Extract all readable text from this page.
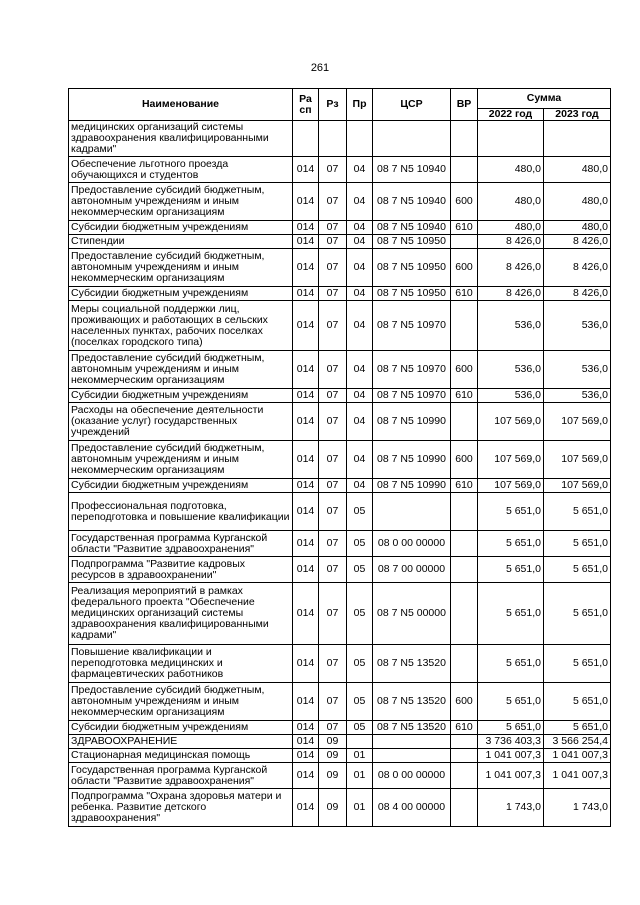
261
Наименование	Ра сп	Рз	Пр	ЦСР	ВР	Сумма	
						2022 год	2023 год
медицинских организаций системы здравоохранения квалифицированными кадрами"							
Обеспечение льготного проезда обучающихся и студентов	014	07	04	08 7 N5 10940		480,0	480,0
Предоставление субсидий бюджетным, автономным учреждениям и иным некоммерческим организациям	014	07	04	08 7 N5 10940	600	480,0	480,0
Субсидии бюджетным учреждениям	014	07	04	08 7 N5 10940	610	480,0	480,0
Стипендии	014	07	04	08 7 N5 10950		8 426,0	8 426,0
Предоставление субсидий бюджетным, автономным учреждениям и иным некоммерческим организациям	014	07	04	08 7 N5 10950	600	8 426,0	8 426,0
Субсидии бюджетным учреждениям	014	07	04	08 7 N5 10950	610	8 426,0	8 426,0
Меры социальной поддержки лиц, проживающих и работающих в сельских населенных пунктах, рабочих поселках (поселках городского типа)	014	07	04	08 7 N5 10970		536,0	536,0
Предоставление субсидий бюджетным, автономным учреждениям и иным некоммерческим организациям	014	07	04	08 7 N5 10970	600	536,0	536,0
Субсидии бюджетным учреждениям	014	07	04	08 7 N5 10970	610	536,0	536,0
Расходы на обеспечение деятельности (оказание услуг) государственных учреждений	014	07	04	08 7 N5 10990		107 569,0	107 569,0
Предоставление субсидий бюджетным, автономным учреждениям и иным некоммерческим организациям	014	07	04	08 7 N5 10990	600	107 569,0	107 569,0
Субсидии бюджетным учреждениям	014	07	04	08 7 N5 10990	610	107 569,0	107 569,0
Профессиональная подготовка, переподготовка и повышение квалификации	014	07	05			5 651,0	5 651,0
Государственная программа Курганской области "Развитие здравоохранения"	014	07	05	08 0 00 00000		5 651,0	5 651,0
Подпрограмма "Развитие кадровых ресурсов в здравоохранении"	014	07	05	08 7 00 00000		5 651,0	5 651,0
Реализация мероприятий в рамках федерального проекта "Обеспечение медицинских организаций системы здравоохранения квалифицированными кадрами"	014	07	05	08 7 N5 00000		5 651,0	5 651,0
Повышение квалификации и переподготовка медицинских и фармацевтических работников	014	07	05	08 7 N5 13520		5 651,0	5 651,0
Предоставление субсидий бюджетным, автономным учреждениям и иным некоммерческим организациям	014	07	05	08 7 N5 13520	600	5 651,0	5 651,0
Субсидии бюджетным учреждениям	014	07	05	08 7 N5 13520	610	5 651,0	5 651,0
ЗДРАВООХРАНЕНИЕ	014	09				3 736 403,3	3 566 254,4
Стационарная медицинская помощь	014	09	01			1 041 007,3	1 041 007,3
Государственная программа Курганской области "Развитие здравоохранения"	014	09	01	08 0 00 00000		1 041 007,3	1 041 007,3
Подпрограмма "Охрана здоровья матери и ребенка. Развитие детского здравоохранения"	014	09	01	08 4 00 00000		1 743,0	1 743,0
